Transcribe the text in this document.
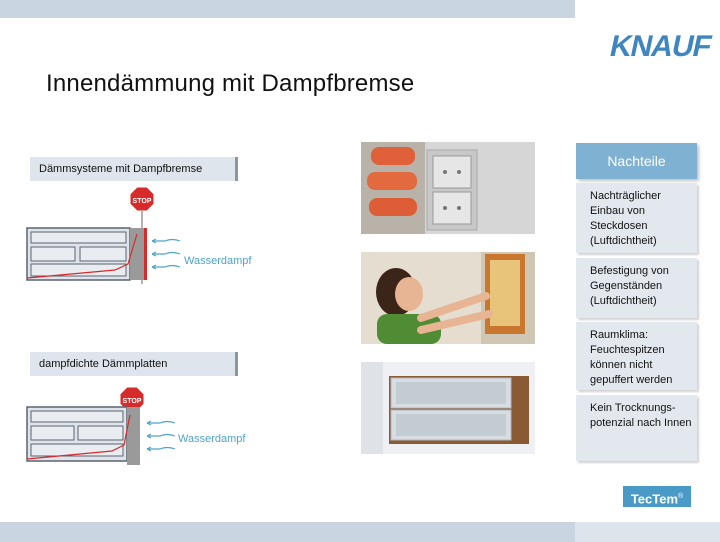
KNAUF
Innendämmung mit Dampfbremse
Dämmsysteme mit Dampfbremse
STOP
Wasserdampf
dampfdichte Dämmplatten
STOP
Wasserdampf
Nachteile
Nachträglicher Einbau von Steckdosen (Luftdichtheit)
Befestigung von Gegenständen (Luftdichtheit)
Raumklima: Feuchtespitzen können nicht gepuffert werden
Kein Trocknungs-potenzial nach Innen
TecTem®
